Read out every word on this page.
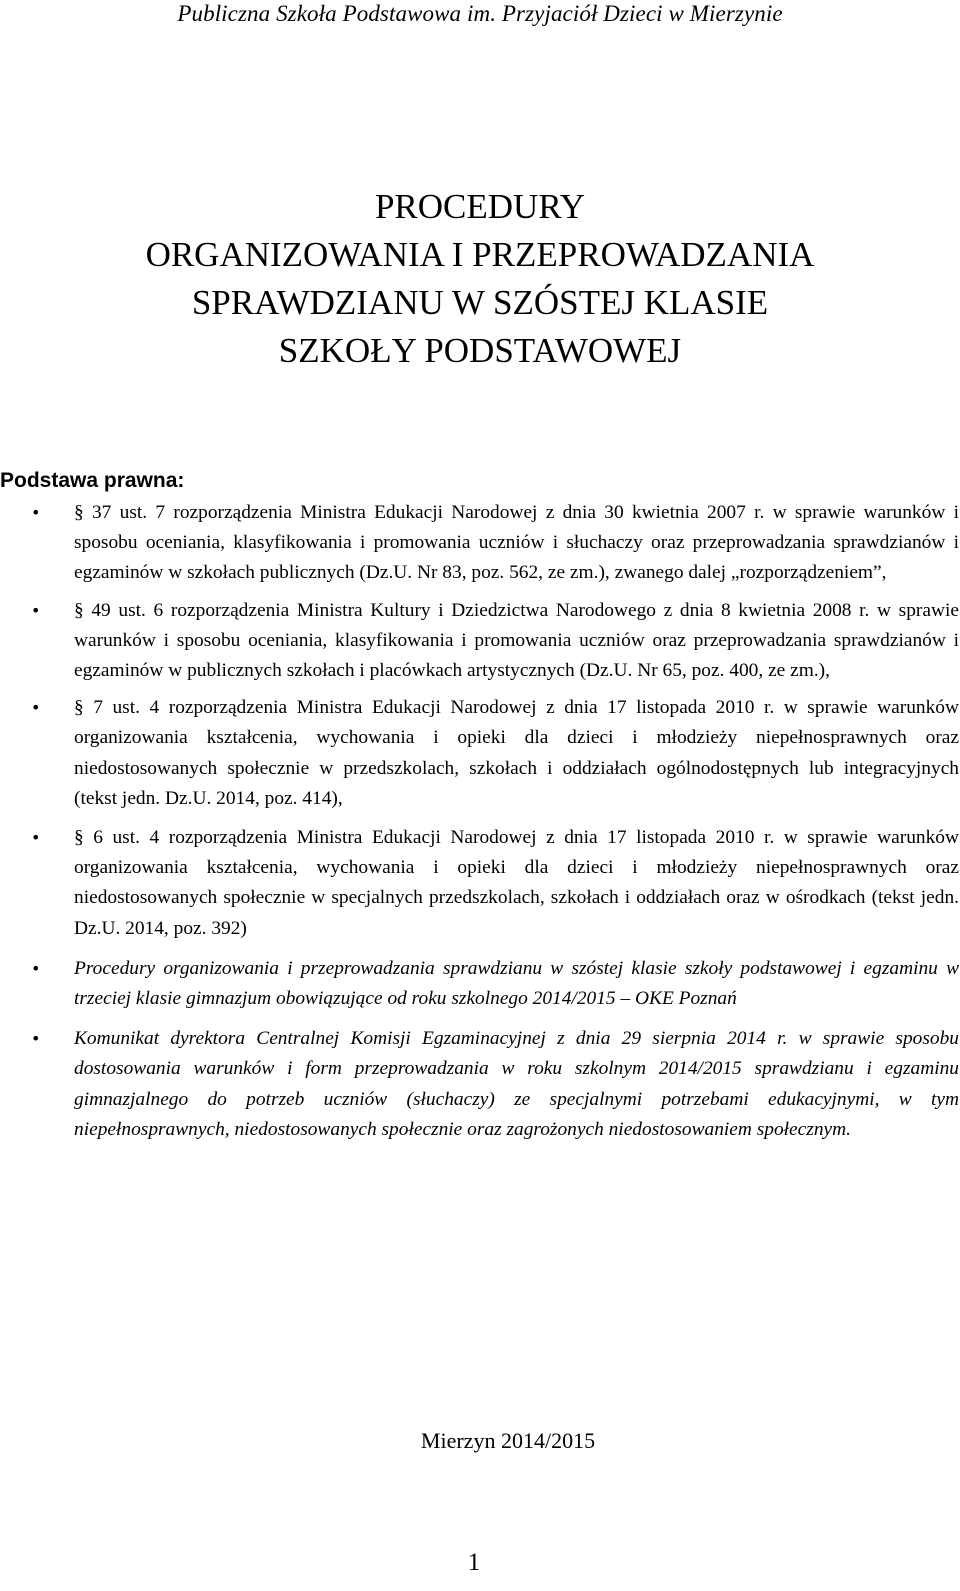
Publiczna Szkoła Podstawowa im. Przyjaciół Dzieci w Mierzynie
PROCEDURY
ORGANIZOWANIA I PRZEPROWADZANIA
SPRAWDZIANU W SZÓSTEJ KLASIE
SZKOŁY PODSTAWOWEJ
Podstawa prawna:
• § 37 ust. 7 rozporządzenia Ministra Edukacji Narodowej z dnia 30 kwietnia 2007 r. w sprawie warunków i sposobu oceniania, klasyfikowania i promowania uczniów i słuchaczy oraz przeprowadzania sprawdzianów i egzaminów w szkołach publicznych (Dz.U. Nr 83, poz. 562, ze zm.), zwanego dalej „rozporządzeniem”,
• § 49 ust. 6 rozporządzenia Ministra Kultury i Dziedzictwa Narodowego z dnia 8 kwietnia 2008 r. w sprawie warunków i sposobu oceniania, klasyfikowania i promowania uczniów oraz przeprowadzania sprawdzianów i egzaminów w publicznych szkołach i placówkach artystycznych (Dz.U. Nr 65, poz. 400, ze zm.),
• § 7 ust. 4 rozporządzenia Ministra Edukacji Narodowej z dnia 17 listopada 2010 r. w sprawie warunków organizowania kształcenia, wychowania i opieki dla dzieci i młodzieży niepełnosprawnych oraz niedostosowanych społecznie w przedszkolach, szkołach i oddziałach ogólnodostępnych lub integracyjnych (tekst jedn. Dz.U. 2014, poz. 414),
• § 6 ust. 4 rozporządzenia Ministra Edukacji Narodowej z dnia 17 listopada 2010 r. w sprawie warunków organizowania kształcenia, wychowania i opieki dla dzieci i młodzieży niepełnosprawnych oraz niedostosowanych społecznie w specjalnych przedszkolach, szkołach i oddziałach oraz w ośrodkach (tekst jedn. Dz.U. 2014, poz. 392)
• Procedury organizowania i przeprowadzania sprawdzianu w szóstej klasie szkoły podstawowej i egzaminu w trzeciej klasie gimnazjum obowiązujące od roku szkolnego 2014/2015 – OKE Poznań
• Komunikat dyrektora Centralnej Komisji Egzaminacyjnej z dnia 29 sierpnia 2014 r. w sprawie sposobu dostosowania warunków i form przeprowadzania w roku szkolnym 2014/2015 sprawdzianu i egzaminu gimnazjalnego do potrzeb uczniów (słuchaczy) ze specjalnymi potrzebami edukacyjnymi, w tym niepełnosprawnych, niedostosowanych społecznie oraz zagrożonych niedostosowaniem społecznym.
Mierzyn 2014/2015
1
